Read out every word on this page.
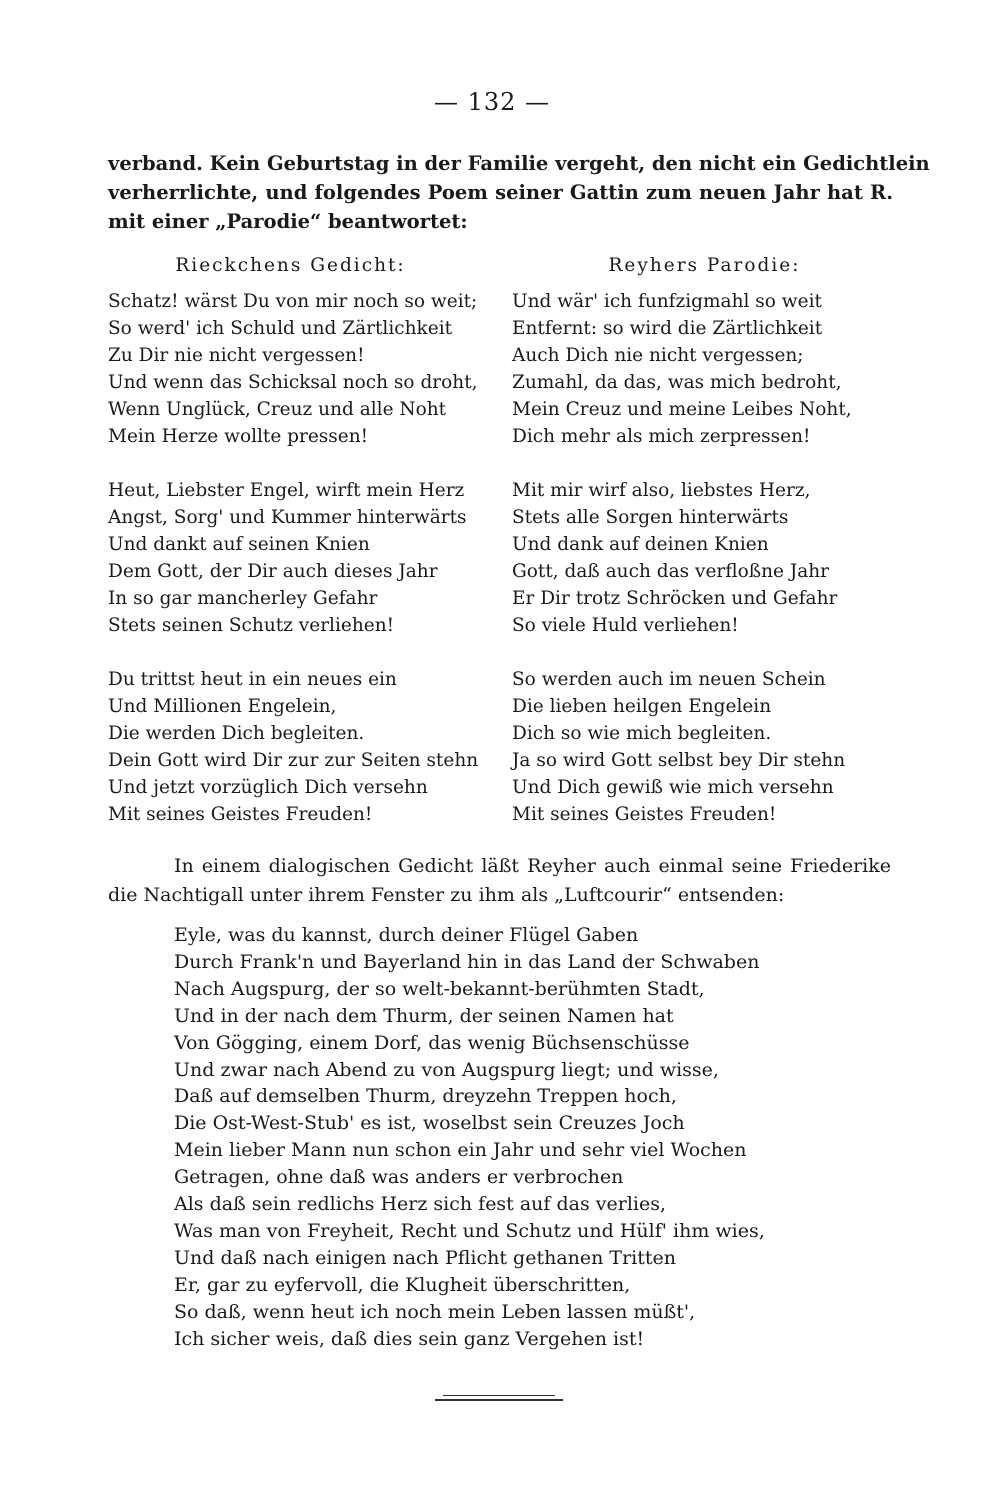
— 132 —
verband. Kein Geburtstag in der Familie vergeht, den nicht ein Gedichtlein
verherrlichte, und folgendes Poem seiner Gattin zum neuen Jahr hat R.
mit einer „Parodie“ beantwortet:
Rieckchens Gedicht:
Schatz! wärst Du von mir noch so weit;
So werd' ich Schuld und Zärtlichkeit
Zu Dir nie nicht vergessen!
Und wenn das Schicksal noch so droht,
Wenn Unglück, Creuz und alle Noht
Mein Herze wollte pressen!
Heut, Liebster Engel, wirft mein Herz
Angst, Sorg' und Kummer hinterwärts
Und dankt auf seinen Knien
Dem Gott, der Dir auch dieses Jahr
In so gar mancherley Gefahr
Stets seinen Schutz verliehen!
Du trittst heut in ein neues ein
Und Millionen Engelein,
Die werden Dich begleiten.
Dein Gott wird Dir zur zur Seiten stehn
Und jetzt vorzüglich Dich versehn
Mit seines Geistes Freuden!
Reyhers Parodie:
Und wär' ich funfzigmahl so weit
Entfernt: so wird die Zärtlichkeit
Auch Dich nie nicht vergessen;
Zumahl, da das, was mich bedroht,
Mein Creuz und meine Leibes Noht,
Dich mehr als mich zerpressen!
Mit mir wirf also, liebstes Herz,
Stets alle Sorgen hinterwärts
Und dank auf deinen Knien
Gott, daß auch das verfloßne Jahr
Er Dir trotz Schröcken und Gefahr
So viele Huld verliehen!
So werden auch im neuen Schein
Die lieben heilgen Engelein
Dich so wie mich begleiten.
Ja so wird Gott selbst bey Dir stehn
Und Dich gewiß wie mich versehn
Mit seines Geistes Freuden!
In einem dialogischen Gedicht läßt Reyher auch einmal seine Friederike
die Nachtigall unter ihrem Fenster zu ihm als „Luftcourir“ entsenden:
Eyle, was du kannst, durch deiner Flügel Gaben
Durch Frank'n und Bayerland hin in das Land der Schwaben
Nach Augspurg, der so welt-bekannt-berühmten Stadt,
Und in der nach dem Thurm, der seinen Namen hat
Von Gögging, einem Dorf, das wenig Büchsenschüsse
Und zwar nach Abend zu von Augspurg liegt; und wisse,
Daß auf demselben Thurm, dreyzehn Treppen hoch,
Die Ost-West-Stub' es ist, woselbst sein Creuzes Joch
Mein lieber Mann nun schon ein Jahr und sehr viel Wochen
Getragen, ohne daß was anders er verbrochen
Als daß sein redlichs Herz sich fest auf das verlies,
Was man von Freyheit, Recht und Schutz und Hülf' ihm wies,
Und daß nach einigen nach Pflicht gethanen Tritten
Er, gar zu eyfervoll, die Klugheit überschritten,
So daß, wenn heut ich noch mein Leben lassen müßt',
Ich sicher weis, daß dies sein ganz Vergehen ist!
